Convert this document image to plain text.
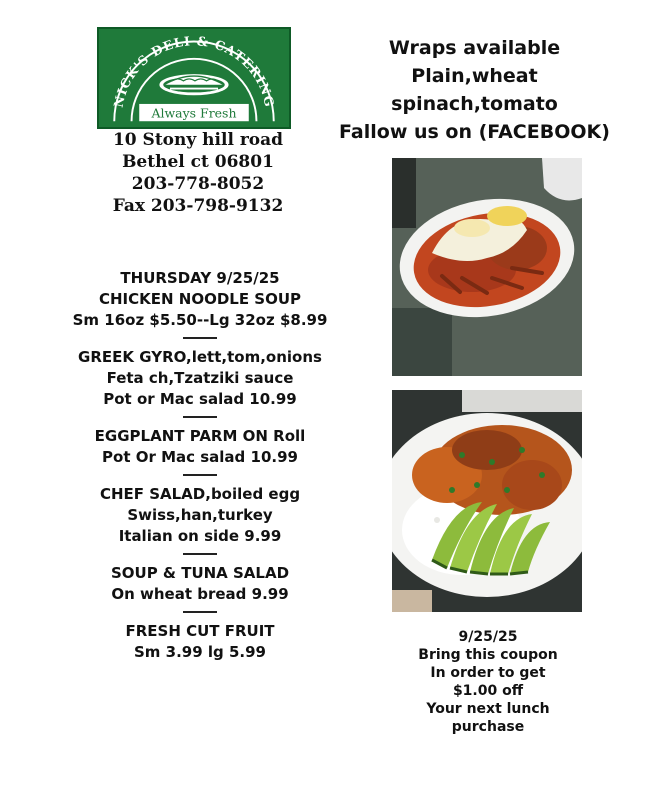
NICK'S DELI & CATERING
Always Fresh
10 Stony hill road
Bethel ct 06801
203-778-8052
Fax 203-798-9132
Wraps available
Plain,wheat
spinach,tomato
Fallow us on (FACEBOOK)
THURSDAY 9/25/25
CHICKEN NOODLE SOUP
Sm 16oz $5.50--Lg 32oz $8.99
GREEK GYRO,lett,tom,onions
Feta ch,Tzatziki sauce
Pot or Mac salad 10.99
EGGPLANT PARM ON Roll
Pot Or Mac salad 10.99
CHEF SALAD,boiled egg
Swiss,han,turkey
Italian on side 9.99
SOUP & TUNA SALAD
On wheat bread 9.99
FRESH CUT FRUIT
Sm 3.99 lg 5.99
9/25/25
Bring this coupon
In order to get
$1.00 off
Your next lunch
purchase
